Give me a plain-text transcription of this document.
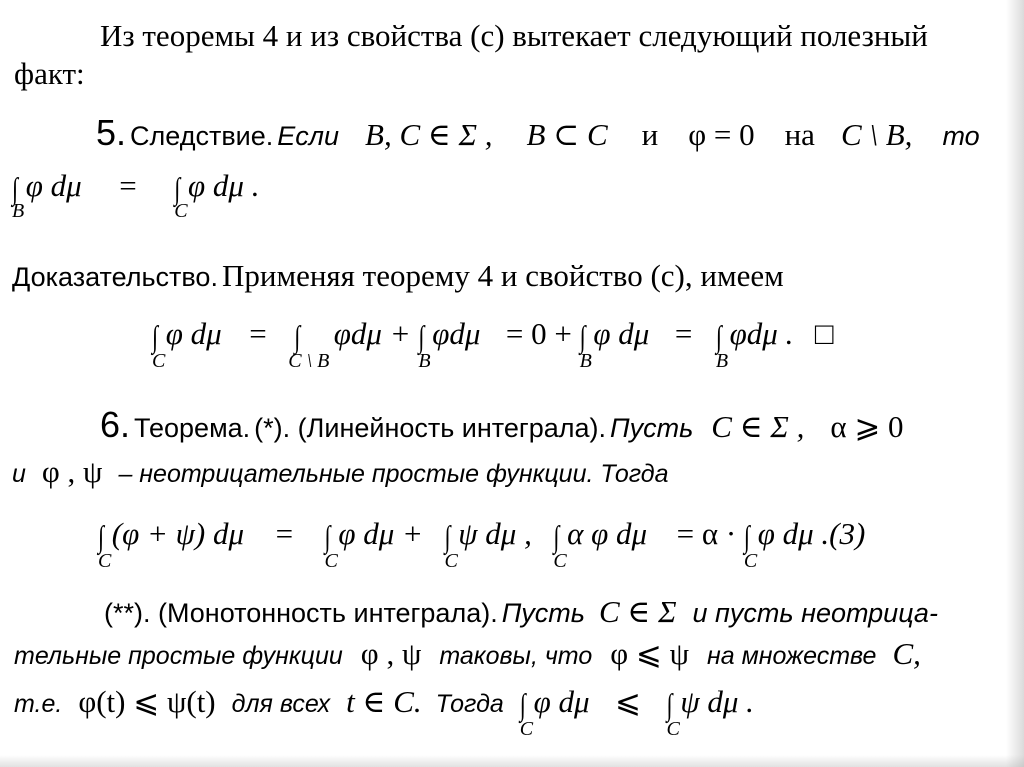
Из теоремы 4 и из свойства (с) вытекает следующий полезный
факт:
5. Следствие. Если B, C ∈ Σ , B ⊂ C и φ = 0 на C \ B, то
∫
B
φ dμ = ∫
C
φ dμ .
Доказательство. Применяя теорему 4 и свойство (с), имеем
∫
C
φ dμ = ∫
C \ B
φdμ + ∫
B
φdμ = 0 + ∫
B
φ dμ = ∫
B
φdμ . □
6. Теорема. (*). (Линейность интеграла). Пусть C ∈ Σ , α ⩾ 0
и φ , ψ – неотрицательные простые функции. Тогда
∫
C
(φ + ψ) dμ = ∫
C
φ dμ + ∫
C
ψ dμ , ∫
C
α φ dμ = α · ∫
C
φ dμ .(3)
(**). (Монотонность интеграла). Пусть C ∈ Σ и пусть неотрица-
тельные простые функции φ , ψ таковы, что φ ⩽ ψ на множестве C,
т.е. φ(t) ⩽ ψ(t) для всех t ∈ C. Тогда ∫
C
φ dμ ⩽ ∫
C
ψ dμ .
